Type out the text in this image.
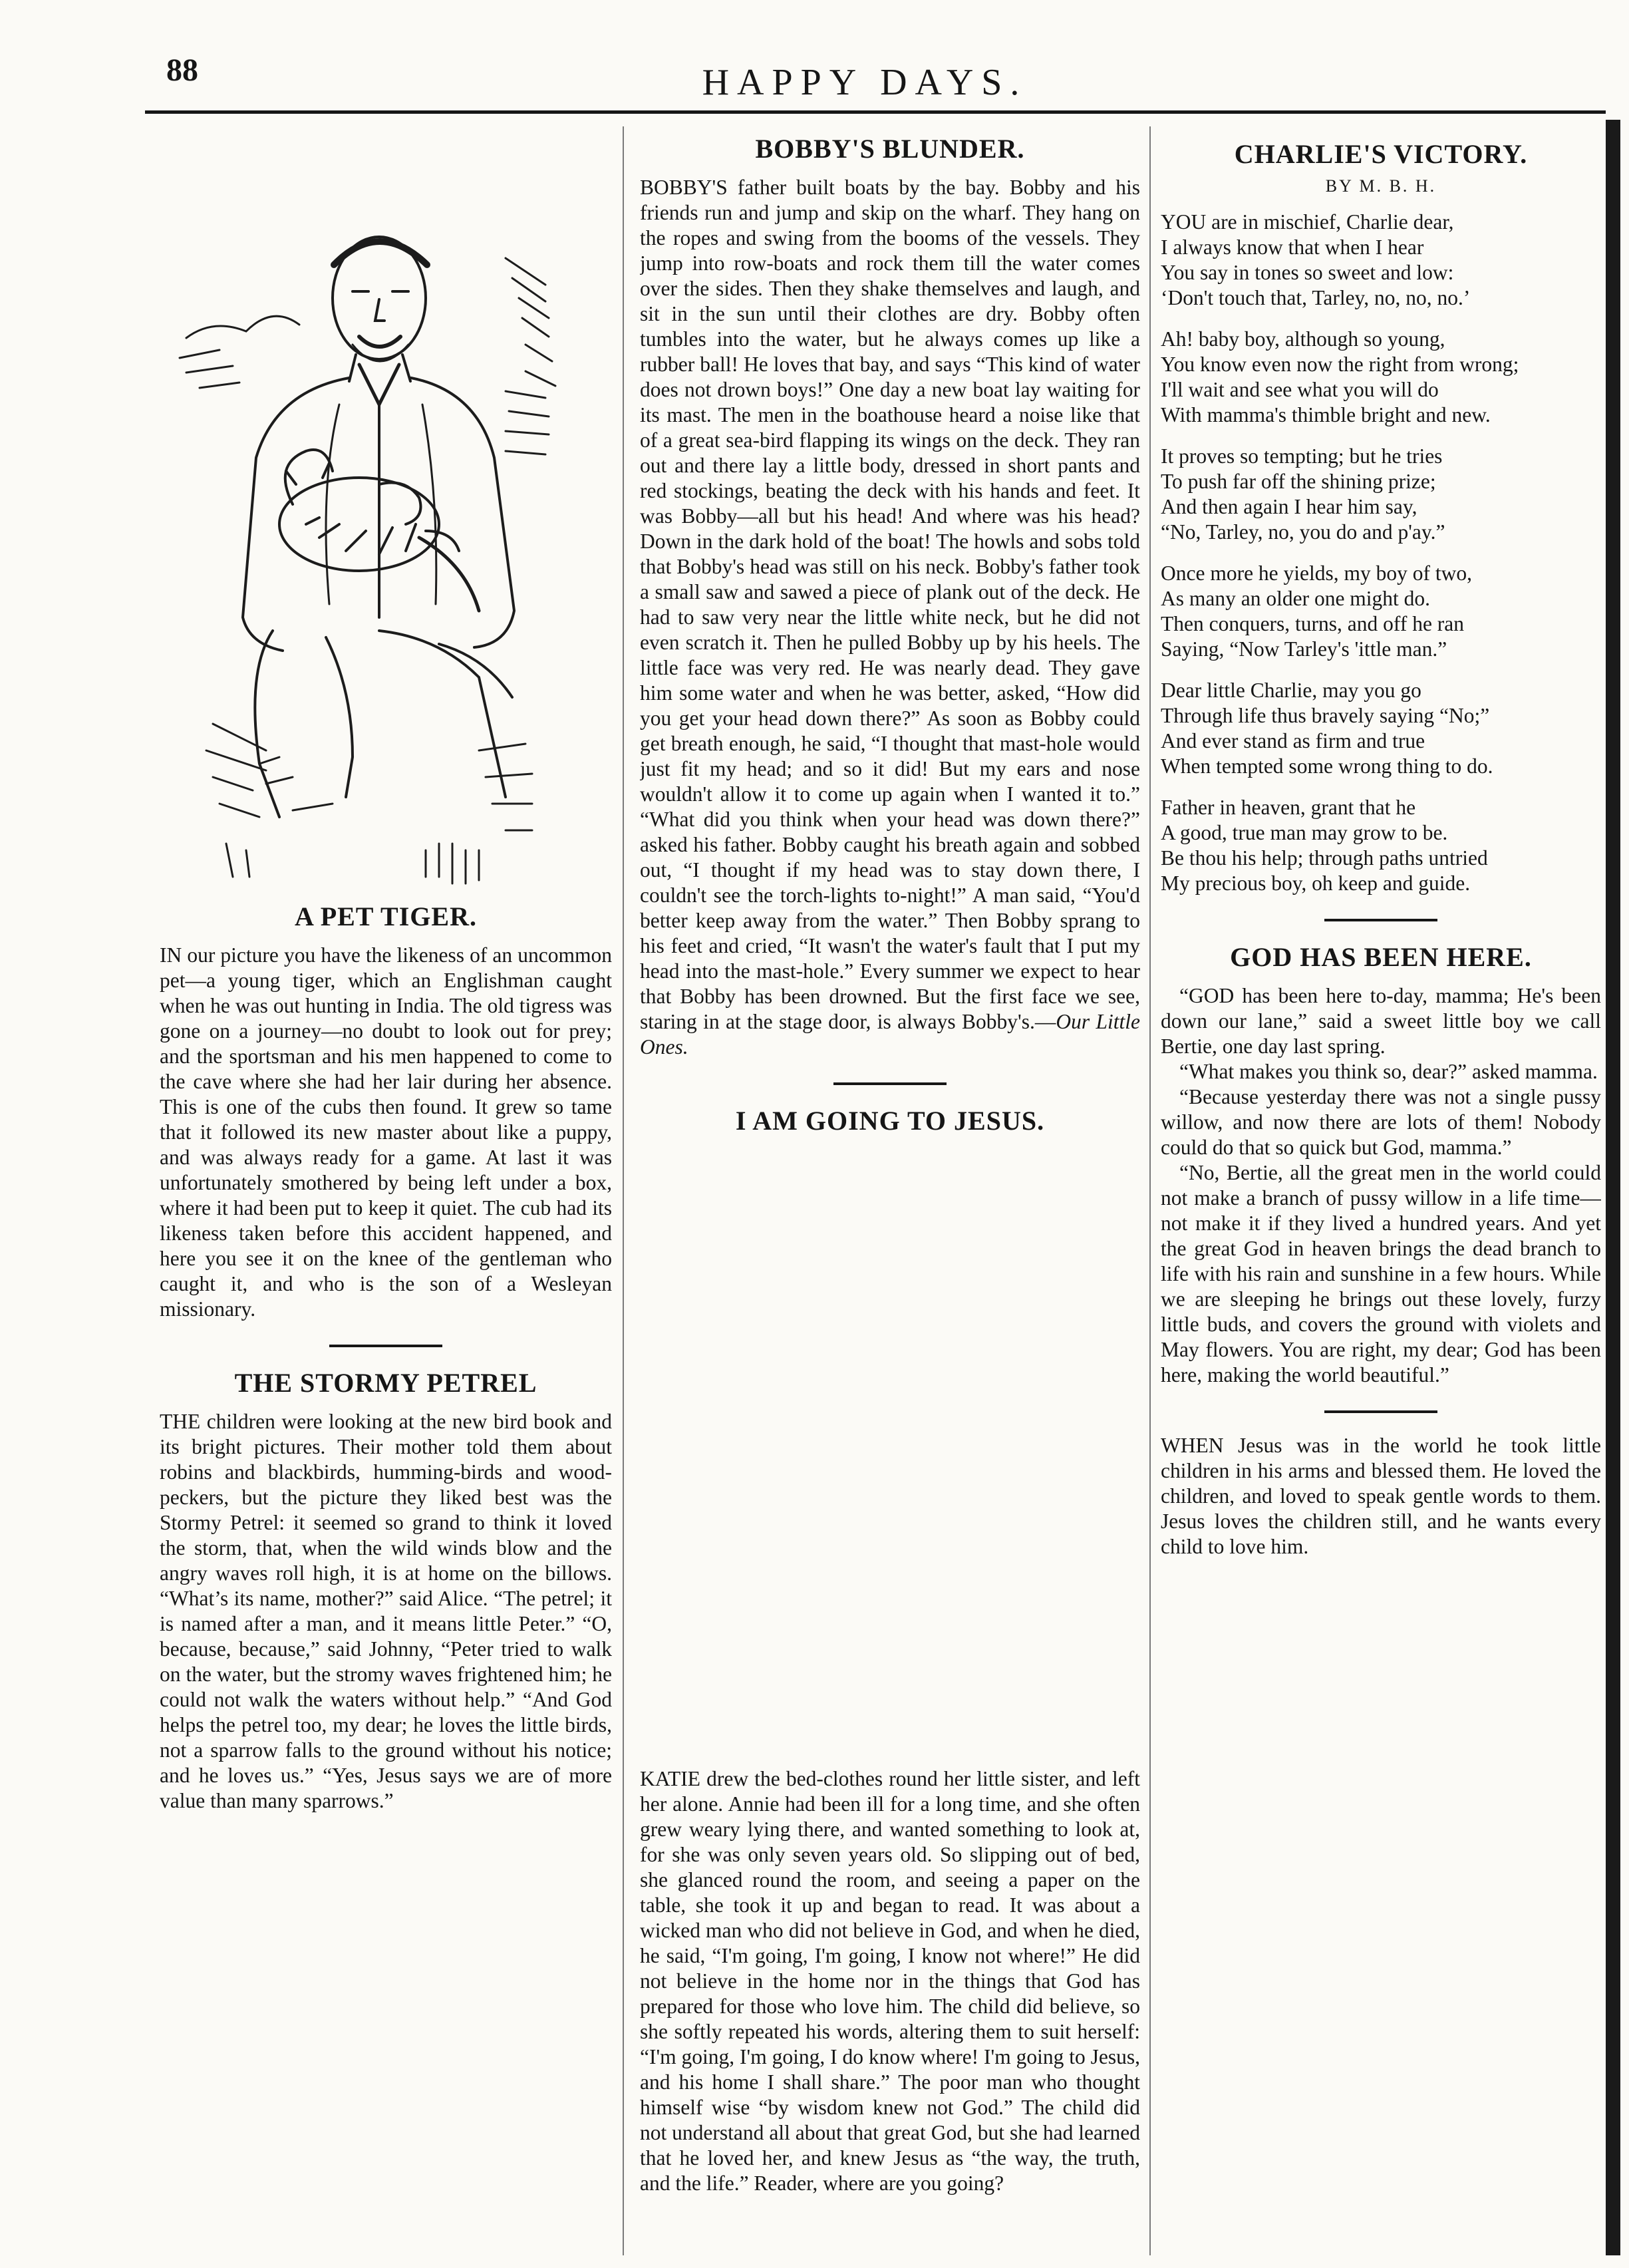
88	HAPPY DAYS.
A PET TIGER.

IN our picture you have the likeness of an uncommon pet—a young tiger, which an Englishman caught when he was out hunting in India. The old tigress was gone on a journey—no doubt to look out for prey; and the sportsman and his men happened to come to the cave where she had her lair during her absence. This is one of the cubs then found. It grew so tame that it followed its new master about like a puppy, and was always ready for a game. At last it was unfortunately smothered by being left under a box, where it had been put to keep it quiet. The cub had its likeness taken before this accident happened, and here you see it on the knee of the gentleman who caught it, and who is the son of a Wesleyan missionary.

THE STORMY PETREL

THE children were looking at the new bird book and its bright pictures. Their mother told them about robins and blackbirds, humming-birds and wood-peckers, but the picture they liked best was the Stormy Petrel: it seemed so grand to think it loved the storm, that, when the wild winds blow and the angry waves roll high, it is at home on the billows. “What’s its name, mother?” said Alice. “The petrel; it is named after a man, and it means little Peter.” “O, because, because,” said Johnny, “Peter tried to walk on the water, but the stromy waves frightened him; he could not walk the waters without help.” “And God helps the petrel too, my dear; he loves the little birds, not a sparrow falls to the ground without his notice; and he loves us.” “Yes, Jesus says we are of more value than many sparrows.”

BOBBY'S BLUNDER.

BOBBY'S father built boats by the bay. Bobby and his friends run and jump and skip on the wharf. They hang on the ropes and swing from the booms of the vessels. They jump into row-boats and rock them till the water comes over the sides. Then they shake themselves and laugh, and sit in the sun until their clothes are dry. Bobby often tumbles into the water, but he always comes up like a rubber ball! He loves that bay, and says “This kind of water does not drown boys!” One day a new boat lay waiting for its mast. The men in the boathouse heard a noise like that of a great sea-bird flapping its wings on the deck. They ran out and there lay a little body, dressed in short pants and red stockings, beating the deck with his hands and feet. It was Bobby—all but his head! And where was his head? Down in the dark hold of the boat! The howls and sobs told that Bobby's head was still on his neck. Bobby's father took a small saw and sawed a piece of plank out of the deck. He had to saw very near the little white neck, but he did not even scratch it. Then he pulled Bobby up by his heels. The little face was very red. He was nearly dead. They gave him some water and when he was better, asked, “How did you get your head down there?” As soon as Bobby could get breath enough, he said, “I thought that mast-hole would just fit my head; and so it did! But my ears and nose wouldn't allow it to come up again when I wanted it to.” “What did you think when your head was down there?” asked his father. Bobby caught his breath again and sobbed out, “I thought if my head was to stay down there, I couldn't see the torch-lights to-night!” A man said, “You'd better keep away from the water.” Then Bobby sprang to his feet and cried, “It wasn't the water's fault that I put my head into the mast-hole.” Every summer we expect to hear that Bobby has been drowned. But the first face we see, staring in at the stage door, is always Bobby's.—Our Little Ones.

I AM GOING TO JESUS.
CHARLIE'S VICTORY.
BY M. B. H.
YOU are in mischief, Charlie dear,
I always know that when I hear
You say in tones so sweet and low:
‘Don't touch that, Tarley, no, no, no.’
Ah! baby boy, although so young,
You know even now the right from wrong;
I'll wait and see what you will do
With mamma's thimble bright and new.
It proves so tempting; but he tries
To push far off the shining prize;
And then again I hear him say,
“No, Tarley, no, you do and p'ay.”
Once more he yields, my boy of two,
As many an older one might do.
Then conquers, turns, and off he ran
Saying, “Now Tarley's 'ittle man.”
Dear little Charlie, may you go
Through life thus bravely saying “No;”
And ever stand as firm and true
When tempted some wrong thing to do.
Father in heaven, grant that he
A good, true man may grow to be.
Be thou his help; through paths untried
My precious boy, oh keep and guide.
GOD HAS BEEN HERE.

“GOD has been here to-day, mamma; He's been down our lane,” said a sweet little boy we call Bertie, one day last spring.

“What makes you think so, dear?” asked mamma.

“Because yesterday there was not a single pussy willow, and now there are lots of them! Nobody could do that so quick but God, mamma.”

“No, Bertie, all the great men in the world could not make a branch of pussy willow in a life time—not make it if they lived a hundred years. And yet the great God in heaven brings the dead branch to life with his rain and sunshine in a few hours. While we are sleeping he brings out these lovely, furzy little buds, and covers the ground with violets and May flowers. You are right, my dear; God has been here, making the world beautiful.”

WHEN Jesus was in the world he took little children in his arms and blessed them. He loved the children, and loved to speak gentle words to them. Jesus loves the children still, and he wants every child to love him.

KATIE drew the bed-clothes round her little sister, and left her alone. Annie had been ill for a long time, and she often grew weary lying there, and wanted something to look at, for she was only seven years old. So slipping out of bed, she glanced round the room, and seeing a paper on the table, she took it up and began to read. It was about a wicked man who did not believe in God, and when he died, he said, “I'm going, I'm going, I know not where!” He did not believe in the home nor in the things that God has prepared for those who love him. The child did believe, so she softly repeated his words, altering them to suit herself: “I'm going, I'm going, I do know where! I'm going to Jesus, and his home I shall share.” The poor man who thought himself wise “by wisdom knew not God.” The child did not understand all about that great God, but she had learned that he loved her, and knew Jesus as “the way, the truth, and the life.” Reader, where are you going?
